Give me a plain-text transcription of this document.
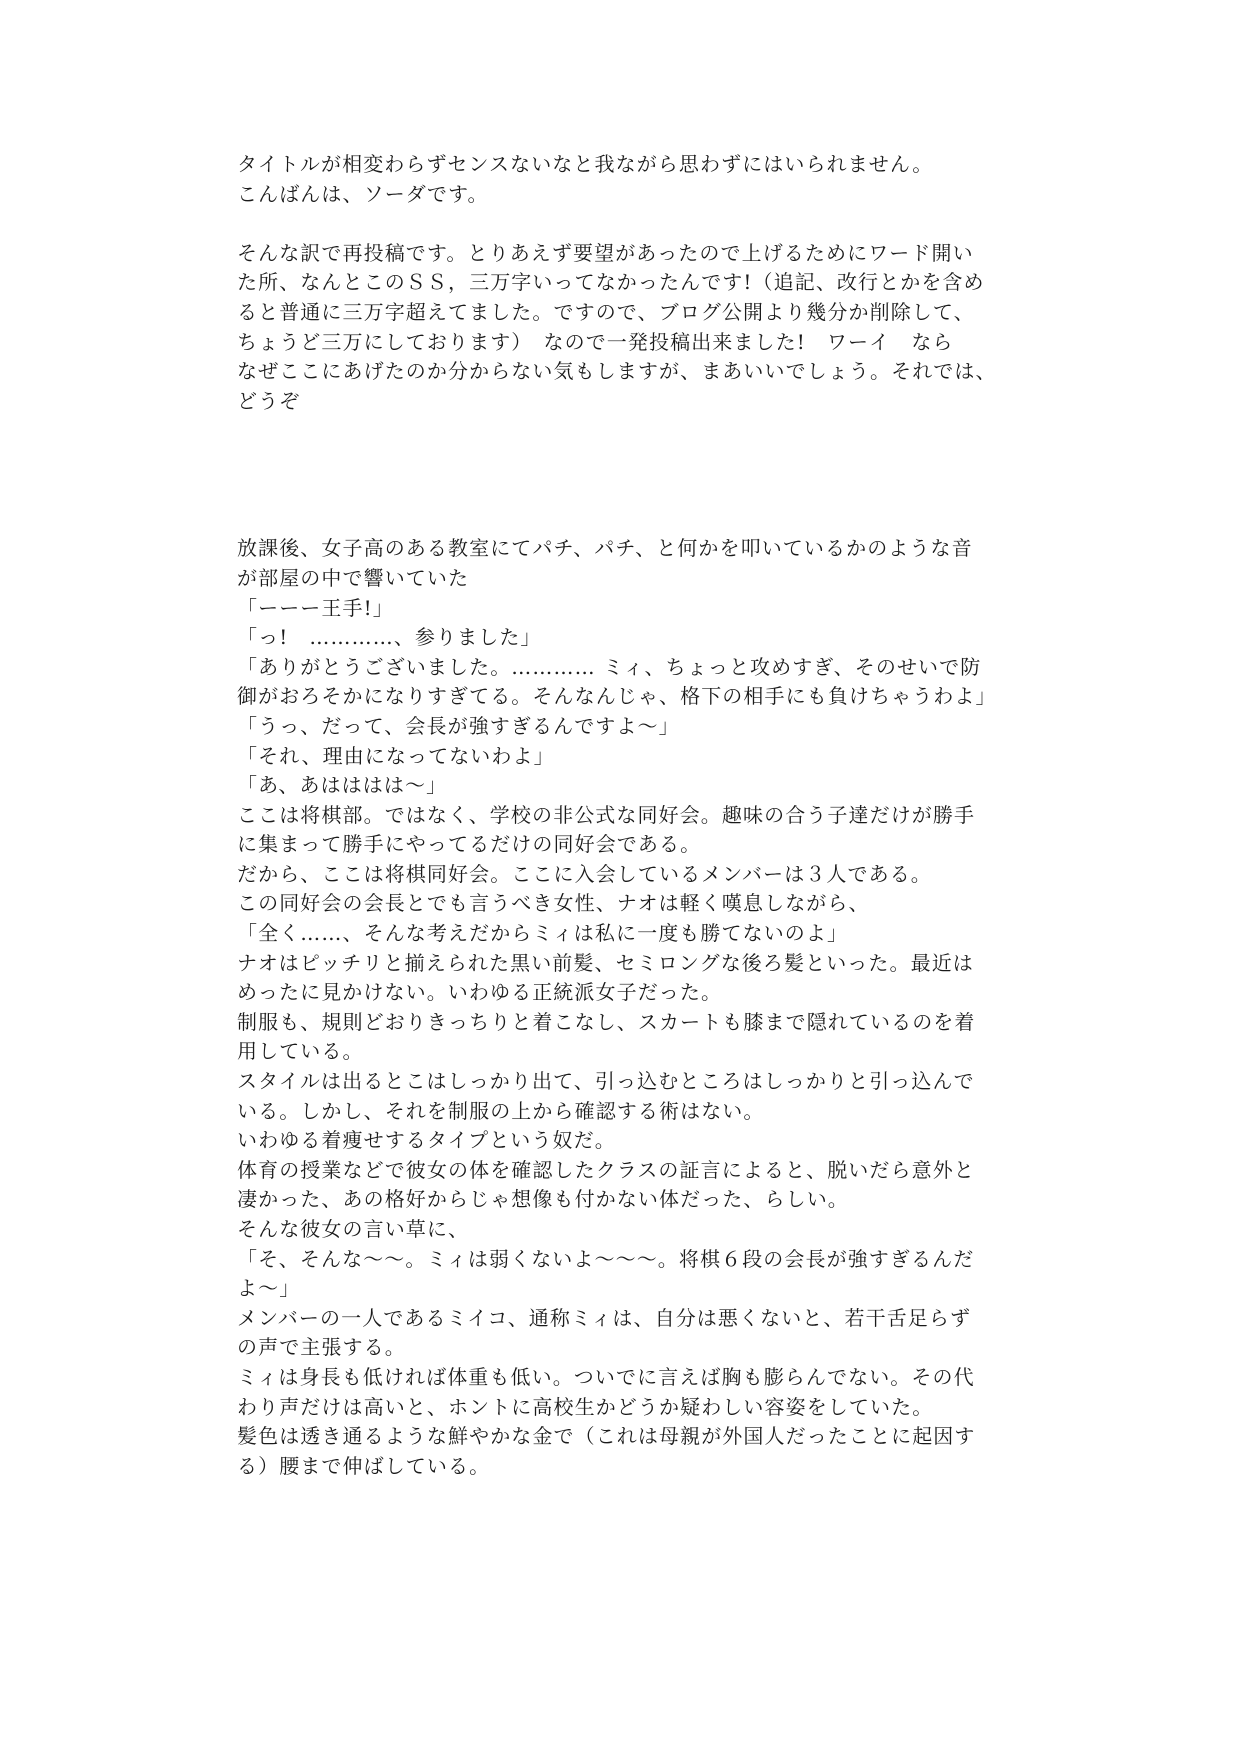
タイトルが相変わらずセンスないなと我ながら思わずにはいられません。
こんばんは、ソーダです。
そんな訳で再投稿です。とりあえず要望があったので上げるためにワード開い
た所、なんとこのＳＳ，三万字いってなかったんです!（追記、改行とかを含め
ると普通に三万字超えてました。ですので、ブログ公開より幾分か削除して、
ちょうど三万にしております）　なので一発投稿出来ました!　ワーイ　なら
なぜここにあげたのか分からない気もしますが、まあいいでしょう。それでは、
どうぞ
放課後、女子高のある教室にてパチ、パチ、と何かを叩いているかのような音
が部屋の中で響いていた
「ーーー王手!」
「っ!　…………、参りました」
「ありがとうございました。………… ミィ、ちょっと攻めすぎ、そのせいで防
御がおろそかになりすぎてる。そんなんじゃ、格下の相手にも負けちゃうわよ」
「うっ、だって、会長が強すぎるんですよ〜」
「それ、理由になってないわよ」
「あ、あはははは〜」
ここは将棋部。ではなく、学校の非公式な同好会。趣味の合う子達だけが勝手
に集まって勝手にやってるだけの同好会である。
だから、ここは将棋同好会。ここに入会しているメンバーは３人である。
この同好会の会長とでも言うべき女性、ナオは軽く嘆息しながら、
「全く……、そんな考えだからミィは私に一度も勝てないのよ」
ナオはピッチリと揃えられた黒い前髪、セミロングな後ろ髪といった。最近は
めったに見かけない。いわゆる正統派女子だった。
制服も、規則どおりきっちりと着こなし、スカートも膝まで隠れているのを着
用している。
スタイルは出るとこはしっかり出て、引っ込むところはしっかりと引っ込んで
いる。しかし、それを制服の上から確認する術はない。
いわゆる着痩せするタイプという奴だ。
体育の授業などで彼女の体を確認したクラスの証言によると、脱いだら意外と
凄かった、あの格好からじゃ想像も付かない体だった、らしい。
そんな彼女の言い草に、
「そ、そんな〜〜。ミィは弱くないよ〜〜〜。将棋６段の会長が強すぎるんだ
よ〜」
メンバーの一人であるミイコ、通称ミィは、自分は悪くないと、若干舌足らず
の声で主張する。
ミィは身長も低ければ体重も低い。ついでに言えば胸も膨らんでない。その代
わり声だけは高いと、ホントに高校生かどうか疑わしい容姿をしていた。
髪色は透き通るような鮮やかな金で（これは母親が外国人だったことに起因す
る）腰まで伸ばしている。
